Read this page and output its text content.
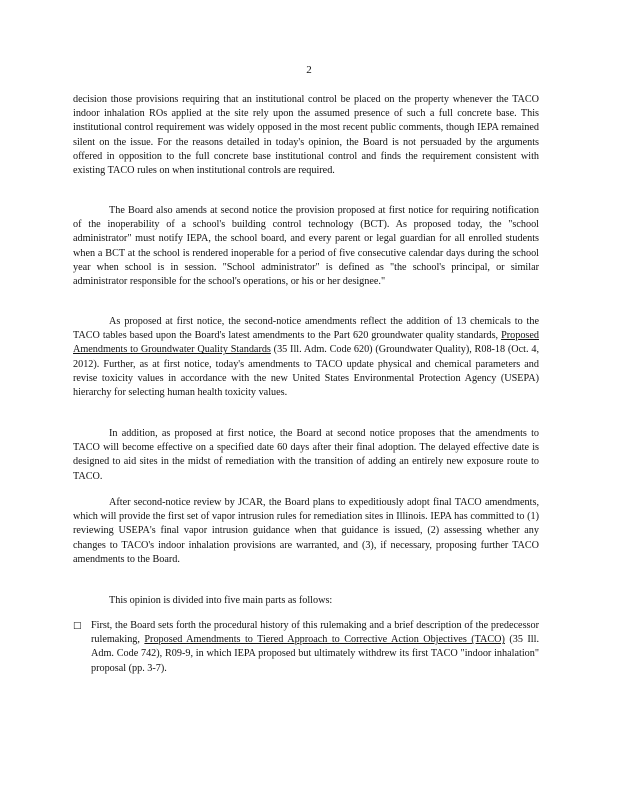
2

decision those provisions requiring that an institutional control be placed on the property whenever the TACO indoor inhalation ROs applied at the site rely upon the assumed presence of such a full concrete base. This institutional control requirement was widely opposed in the most recent public comments, though IEPA remained silent on the issue. For the reasons detailed in today's opinion, the Board is not persuaded by the arguments offered in opposition to the full concrete base institutional control and finds the requirement consistent with existing TACO rules on when institutional controls are required.

The Board also amends at second notice the provision proposed at first notice for requiring notification of the inoperability of a school's building control technology (BCT). As proposed today, the "school administrator" must notify IEPA, the school board, and every parent or legal guardian for all enrolled students when a BCT at the school is rendered inoperable for a period of five consecutive calendar days during the school year when school is in session. "School administrator" is defined as "the school's principal, or similar administrator responsible for the school's operations, or his or her designee."

As proposed at first notice, the second-notice amendments reflect the addition of 13 chemicals to the TACO tables based upon the Board's latest amendments to the Part 620 groundwater quality standards, Proposed Amendments to Groundwater Quality Standards (35 Ill. Adm. Code 620) (Groundwater Quality), R08-18 (Oct. 4, 2012). Further, as at first notice, today's amendments to TACO update physical and chemical parameters and revise toxicity values in accordance with the new United States Environmental Protection Agency (USEPA) hierarchy for selecting human health toxicity values.

In addition, as proposed at first notice, the Board at second notice proposes that the amendments to TACO will become effective on a specified date 60 days after their final adoption. The delayed effective date is designed to aid sites in the midst of remediation with the transition of adding an entirely new exposure route to TACO.

After second-notice review by JCAR, the Board plans to expeditiously adopt final TACO amendments, which will provide the first set of vapor intrusion rules for remediation sites in Illinois. IEPA has committed to (1) reviewing USEPA's final vapor intrusion guidance when that guidance is issued, (2) assessing whether any changes to TACO's indoor inhalation provisions are warranted, and (3), if necessary, proposing further TACO amendments to the Board.

This opinion is divided into five main parts as follows:

□ First, the Board sets forth the procedural history of this rulemaking and a brief description of the predecessor rulemaking, Proposed Amendments to Tiered Approach to Corrective Action Objectives (TACO) (35 Ill. Adm. Code 742), R09-9, in which IEPA proposed but ultimately withdrew its first TACO "indoor inhalation" proposal (pp. 3-7).
